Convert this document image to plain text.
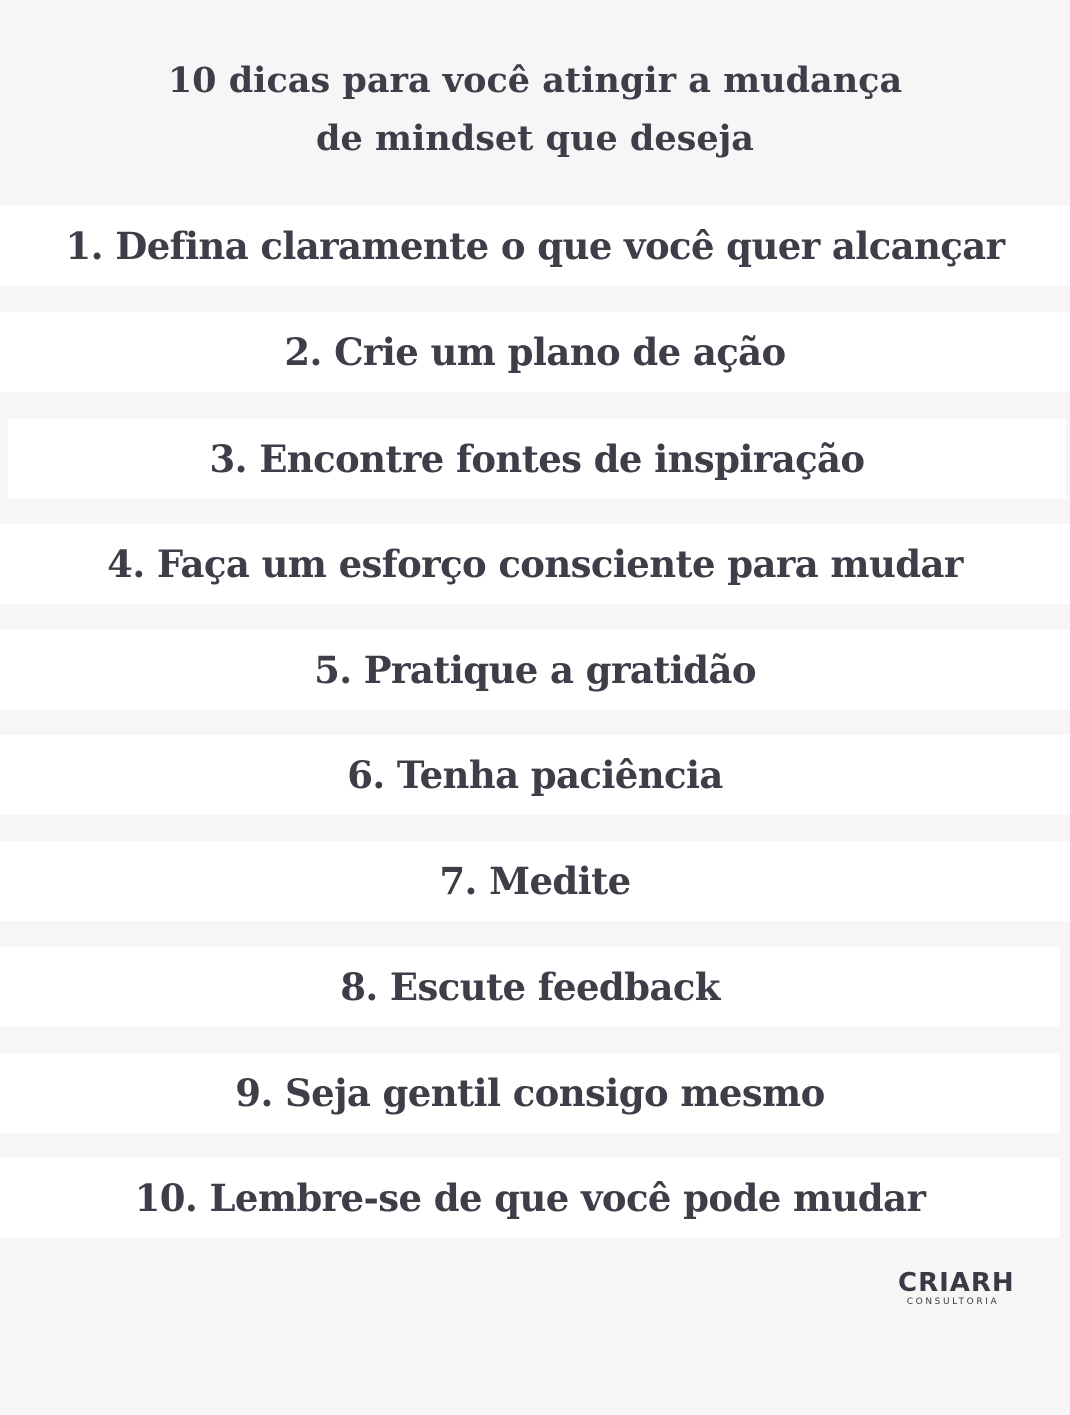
10 dicas para você atingir a mudança
de mindset que deseja
1. Defina claramente o que você quer alcançar
2. Crie um plano de ação
3. Encontre fontes de inspiração
4. Faça um esforço consciente para mudar
5. Pratique a gratidão
6. Tenha paciência
7. Medite
8. Escute feedback
9. Seja gentil consigo mesmo
10. Lembre-se de que você pode mudar
CRIARH
CONSULTORIA
